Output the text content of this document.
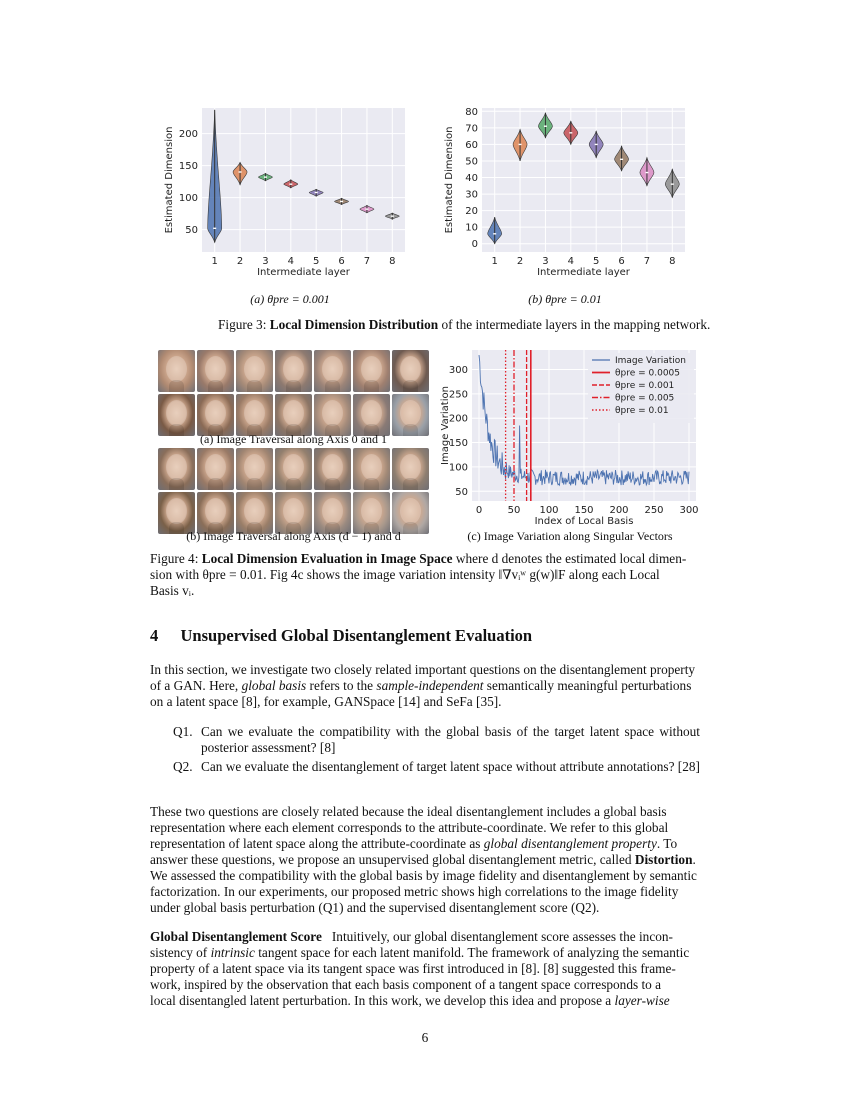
50
100
150
200
1 2 3 4 5 6 7 8
Intermediate layer
Estimated Dimension
0
10
20
30
40
50
60
70
80
1 2 3 4 5 6 7 8
Intermediate layer
Estimated Dimension
(a) θpre = 0.001	(b) θpre = 0.01
Figure 3: Local Dimension Distribution of the intermediate layers in the mapping network.
(a) Image Traversal along Axis 0 and 1
(b) Image Traversal along Axis (d − 1) and d
50
100
150
200
250
300
0	50 100 150 200 250 300
Image Variation
θpre = 0.0005
θpre = 0.001
θpre = 0.005
θpre = 0.01
Index of Local Basis
Image Variation
(c) Image Variation along Singular Vectors
Figure 4: Local Dimension Evaluation in Image Space where d denotes the estimated local dimen-
sion with θpre = 0.01. Fig 4c shows the image variation intensity ‖∇vᵢʷ g(w)‖F along each Local
Basis vᵢ.
4 Unsupervised Global Disentanglement Evaluation
In this section, we investigate two closely related important questions on the disentanglement property
of a GAN. Here, global basis refers to the sample-independent semantically meaningful perturbations
on a latent space [8], for example, GANSpace [14] and SeFa [35].
Q1. Can we evaluate the compatibility with the global basis of the target latent space without posterior assessment? [8]
Q2. Can we evaluate the disentanglement of target latent space without attribute annotations? [28]
These two questions are closely related because the ideal disentanglement includes a global basis
representation where each element corresponds to the attribute-coordinate. We refer to this global
representation of latent space along the attribute-coordinate as global disentanglement property. To
answer these questions, we propose an unsupervised global disentanglement metric, called Distortion.
We assessed the compatibility with the global basis by image fidelity and disentanglement by semantic
factorization. In our experiments, our proposed metric shows high correlations to the image fidelity
under global basis perturbation (Q1) and the supervised disentanglement score (Q2).
Global Disentanglement Score Intuitively, our global disentanglement score assesses the incon-
sistency of intrinsic tangent space for each latent manifold. The framework of analyzing the semantic
property of a latent space via its tangent space was first introduced in [8]. [8] suggested this frame-
work, inspired by the observation that each basis component of a tangent space corresponds to a
local disentangled latent perturbation. In this work, we develop this idea and propose a layer-wise
6
